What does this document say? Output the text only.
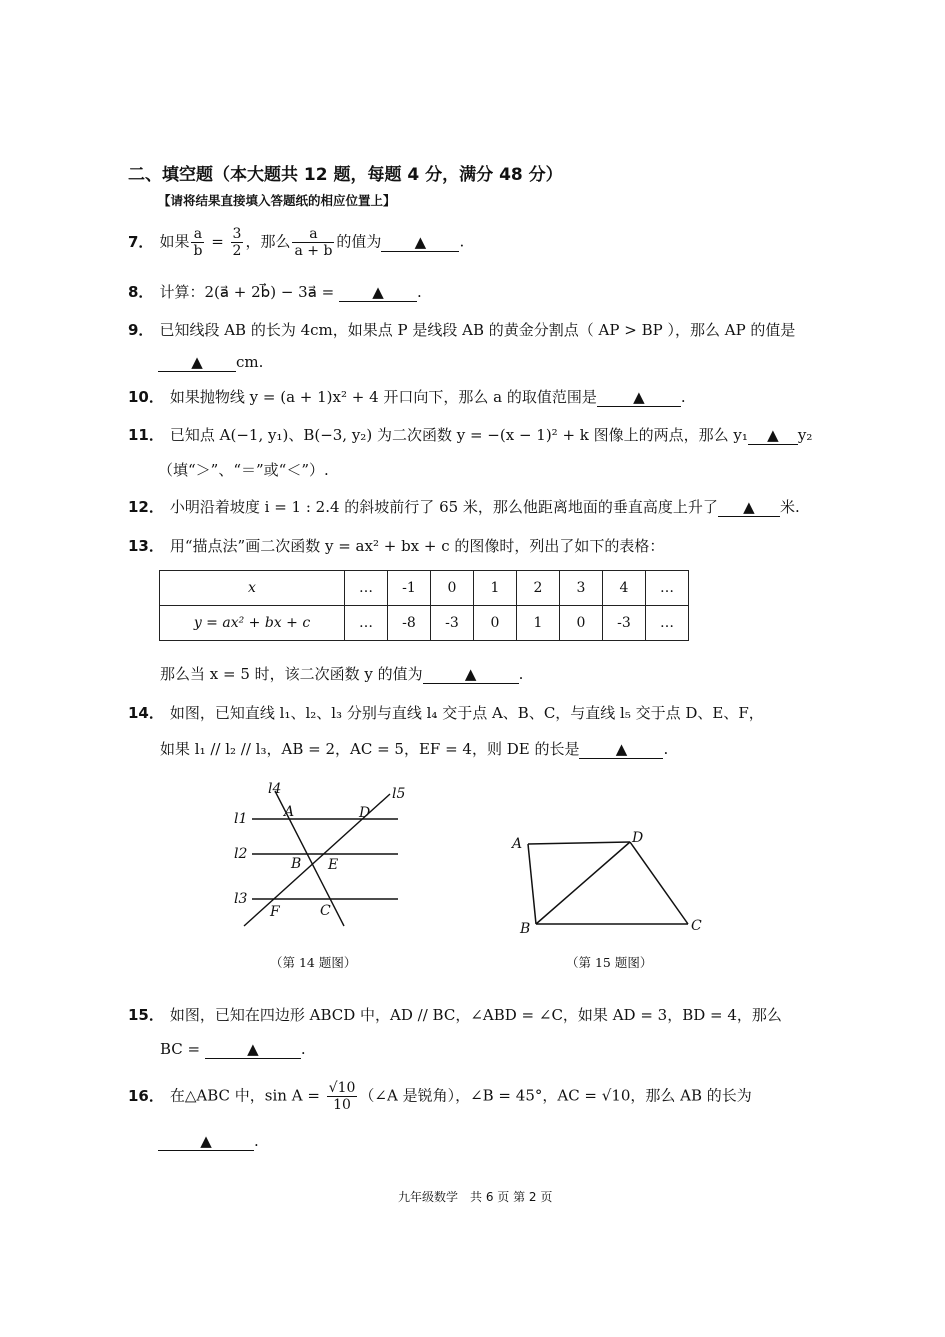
二、填空题（本大题共 12 题，每题 4 分，满分 48 分）
【请将结果直接填入答题纸的相应位置上】
7． 如果 $\frac{a}{b} = \frac{3}{2}$ ，那么 $\frac{a}{a + b}$ 的值为 ▲ .
8． 计算：2(a⃗ + 2b⃗) − 3a⃗ = ▲ .
9． 已知线段 AB 的长为 4cm，如果点 P 是线段 AB 的黄金分割点（ AP > BP ），那么 AP 的值是
▲ cm.
10． 如果抛物线 y = (a + 1)x² + 4 开口向下，那么 a 的取值范围是 ▲ .
11． 已知点 A(−1, y₁)、B(−3, y₂) 为二次函数 y = −(x − 1)² + k 图像上的两点，那么 y₁ ▲ y₂
（填“＞”、“＝”或“＜”）.
12． 小明沿着坡度 i = 1 : 2.4 的斜坡前行了 65 米，那么他距离地面的垂直高度上升了 ▲ 米.
13． 用“描点法”画二次函数 y = ax² + bx + c 的图像时，列出了如下的表格：
x	…	-1	0	1	2	3	4	…
y = ax² + bx + c	…	-8	-3	0	1	0	-3	…
那么当 x = 5 时，该二次函数 y 的值为	▲	.
14． 如图，已知直线 l₁、l₂、l₃ 分别与直线 l₄ 交于点 A、B、C，与直线 l₅ 交于点 D、E、F，
如果 l₁ // l₂ // l₃，AB = 2，AC = 5，EF = 4，则 DE 的长是 ▲ .
l4	l5
l1
l2
l3
A	D
B E
F	C
（第 14 题图）
A	D
B	C
（第 15 题图）
15． 如图，已知在四边形 ABCD 中，AD // BC，∠ABD = ∠C，如果 AD = 3，BD = 4，那么
BC =	▲	.
16． 在△ABC 中，$\sin A = \frac{√10}{10}$ （∠A 是锐角），∠B = 45°，AC = √10，那么 AB 的长为
▲	.
九年级数学　共 6 页 第 2 页
